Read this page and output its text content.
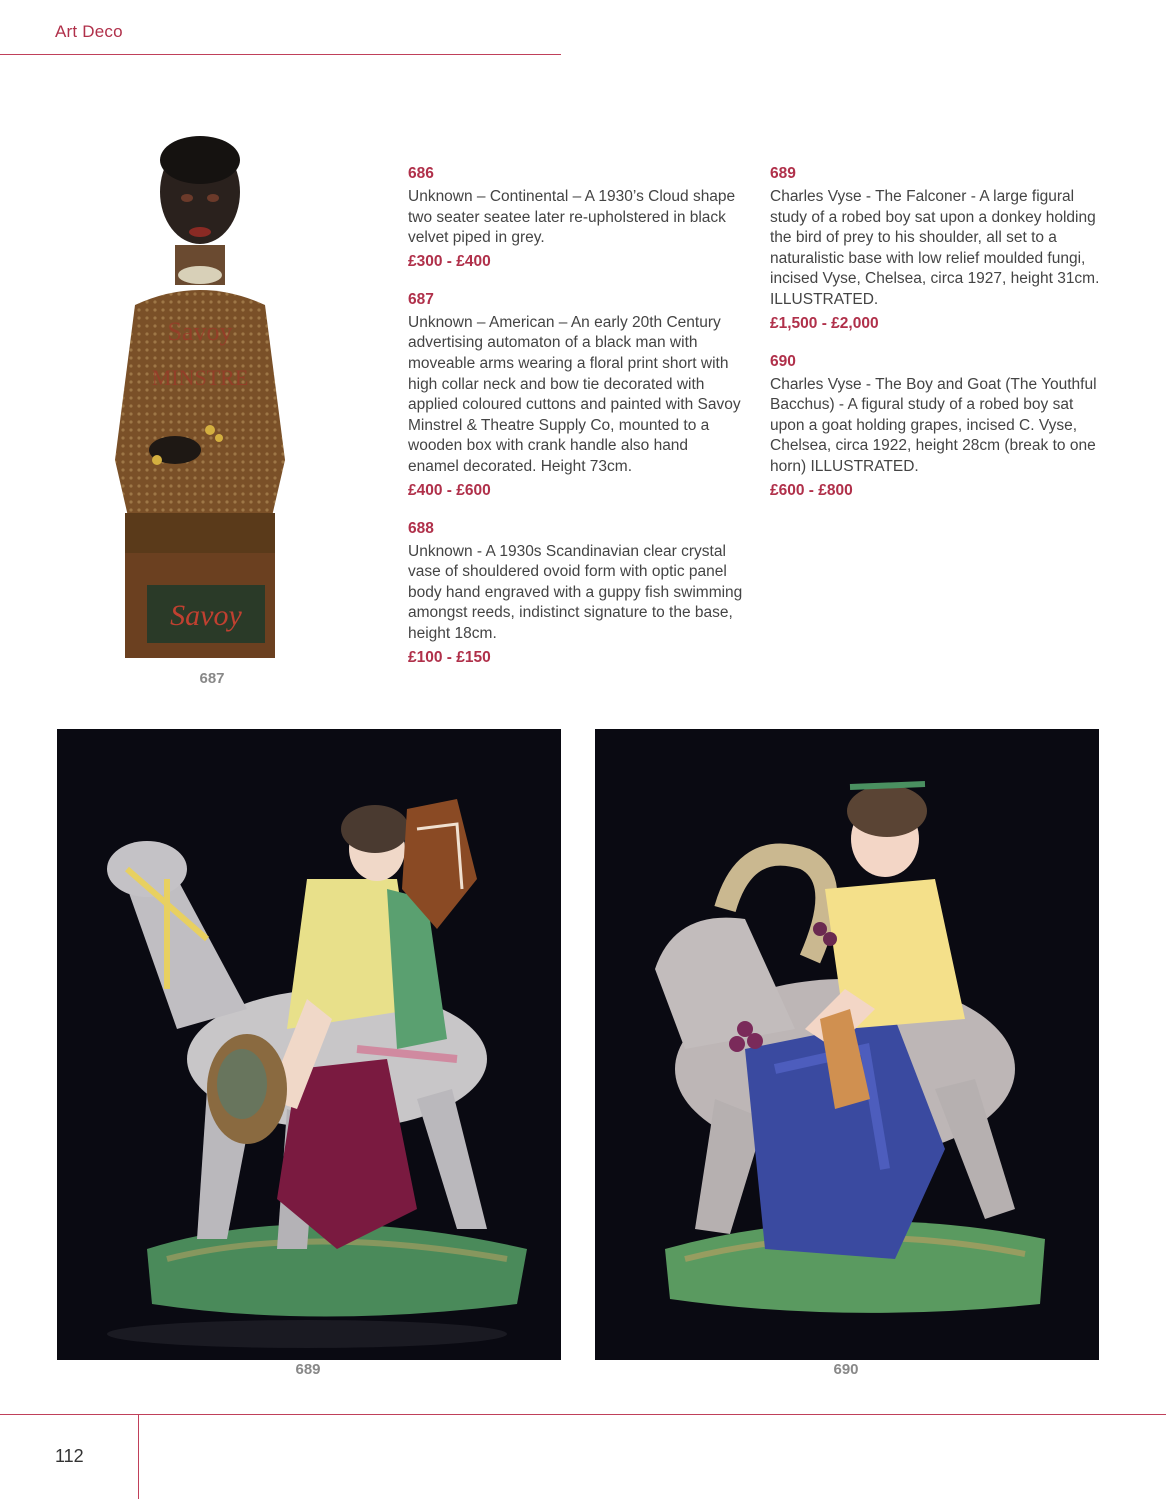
Art Deco
Savoy
MINSTRE
Savoy
687

686

Unknown – Continental – A 1930’s Cloud shape two seater seatee later re-upholstered in black velvet piped in grey.

£300 - £400

687

Unknown – American – An early 20th Century advertising automaton of a black man with moveable arms wearing a floral print short with high collar neck and bow tie decorated with applied coloured cuttons and painted with Savoy Minstrel & Theatre Supply Co, mounted to a wooden box with crank handle also hand enamel decorated. Height 73cm.

£400 - £600

688

Unknown - A 1930s Scandinavian clear crystal vase of shouldered ovoid form with optic panel body hand engraved with a guppy fish swimming amongst reeds, indistinct signature to the base, height 18cm.

£100 - £150

689

Charles Vyse - The Falconer - A large figural study of a robed boy sat upon a donkey holding the bird of prey to his shoulder, all set to a naturalistic base with low relief moulded fungi, incised Vyse, Chelsea, circa 1927, height 31cm. ILLUSTRATED.

£1,500 - £2,000

690

Charles Vyse - The Boy and Goat (The Youthful Bacchus) - A figural study of a robed boy sat upon a goat holding grapes, incised C. Vyse, Chelsea, circa 1922, height 28cm (break to one horn) ILLUSTRATED.

£600 - £800

689	690
112
